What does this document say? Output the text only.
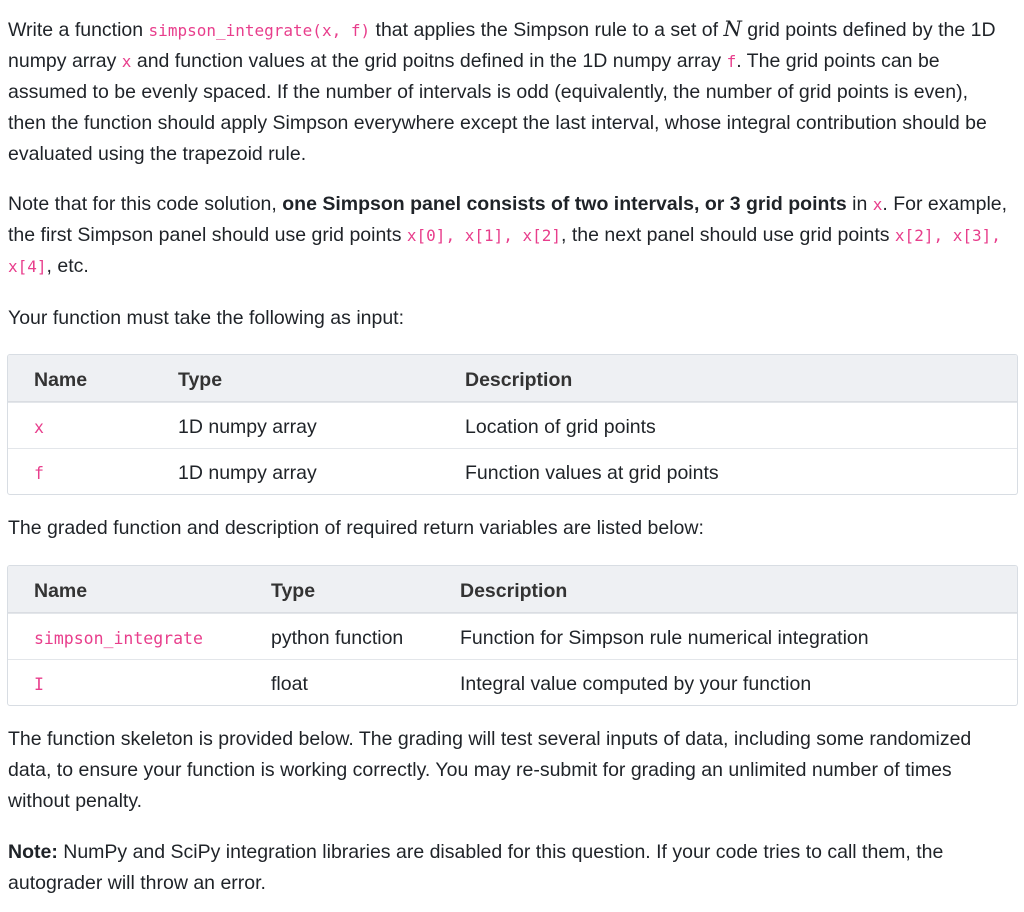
Write a function simpson_integrate(x, f) that applies the Simpson rule to a set of N grid points defined by the 1D numpy array x and function values at the grid poitns defined in the 1D numpy array f. The grid points can be assumed to be evenly spaced. If the number of intervals is odd (equivalently, the number of grid points is even), then the function should apply Simpson everywhere except the last interval, whose integral contribution should be evaluated using the trapezoid rule.

Note that for this code solution, one Simpson panel consists of two intervals, or 3 grid points in x. For example, the first Simpson panel should use grid points x[0], x[1], x[2], the next panel should use grid points x[2], x[3], x[4], etc.

Your function must take the following as input:

Name	Type	Description
x	1D numpy array	Location of grid points
f	1D numpy array	Function values at grid points

The graded function and description of required return variables are listed below:

Name	Type	Description
simpson_integrate	python function	Function for Simpson rule numerical integration
I	float	Integral value computed by your function

The function skeleton is provided below. The grading will test several inputs of data, including some randomized data, to ensure your function is working correctly. You may re-submit for grading an unlimited number of times without penalty.

Note: NumPy and SciPy integration libraries are disabled for this question. If your code tries to call them, the autograder will throw an error.
